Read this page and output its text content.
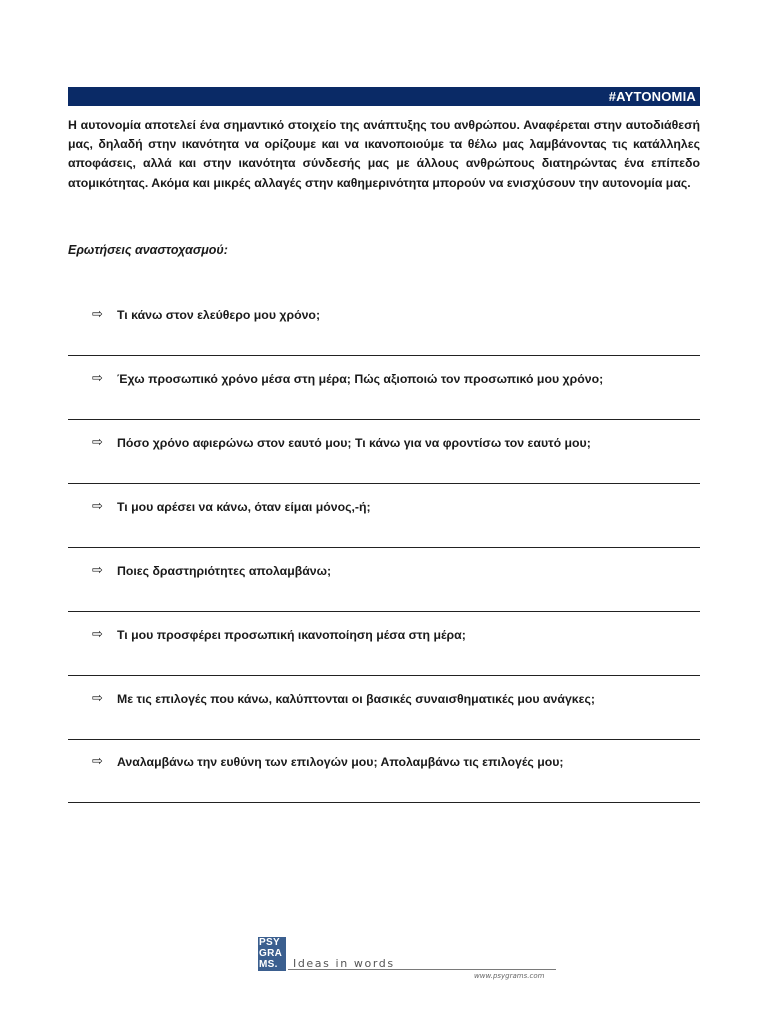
#ΑΥΤΟΝΟΜΙΑ

Η αυτονομία αποτελεί ένα σημαντικό στοιχείο της ανάπτυξης του ανθρώπου. Αναφέρεται στην αυτοδιάθεσή μας, δηλαδή στην ικανότητα να ορίζουμε και να ικανοποιούμε τα θέλω μας λαμβάνοντας τις κατάλληλες αποφάσεις, αλλά και στην ικανότητα σύνδεσής μας με άλλους ανθρώπους διατηρώντας ένα επίπεδο ατομικότητας. Ακόμα και μικρές αλλαγές στην καθημερινότητα μπορούν να ενισχύσουν την αυτονομία μας.

Ερωτήσεις αναστοχασμού:
⇨ Τι κάνω στον ελεύθερο μου χρόνο;
⇨ Έχω προσωπικό χρόνο μέσα στη μέρα; Πώς αξιοποιώ τον προσωπικό μου χρόνο;
⇨ Πόσο χρόνο αφιερώνω στον εαυτό μου; Τι κάνω για να φροντίσω τον εαυτό μου;
⇨ Τι μου αρέσει να κάνω, όταν είμαι μόνος,-ή;
⇨ Ποιες δραστηριότητες απολαμβάνω;
⇨ Τι μου προσφέρει προσωπική ικανοποίηση μέσα στη μέρα;
⇨ Με τις επιλογές που κάνω, καλύπτονται οι βασικές συναισθηματικές μου ανάγκες;
⇨ Αναλαμβάνω την ευθύνη των επιλογών μου; Απολαμβάνω τις επιλογές μου;
PSY
GRA
MS.	Ideas in words
www.psygrams.com
